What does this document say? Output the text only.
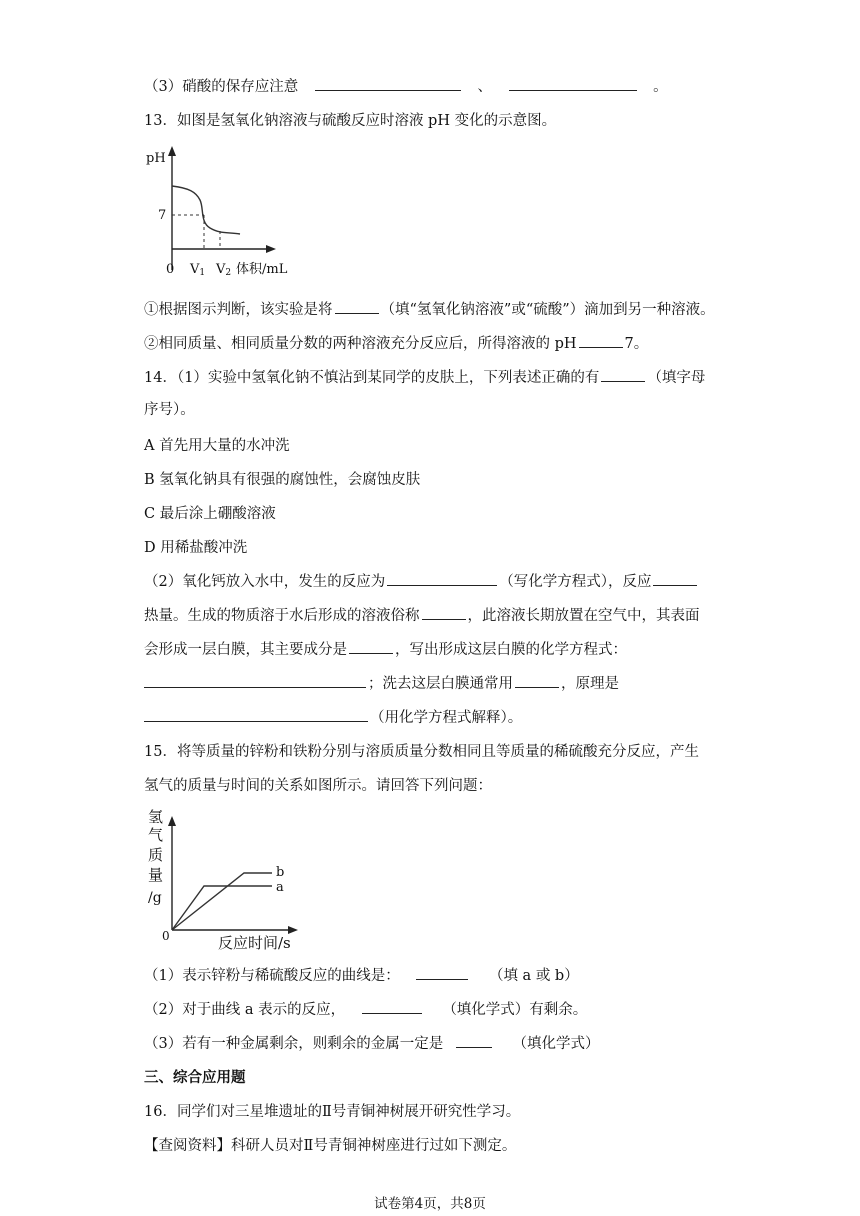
（3）硝酸的保存应注意	、	。
13．如图是氢氧化钠溶液与硫酸反应时溶液 pH 变化的示意图。
pH
7
0 V1 V2 体积/mL
①根据图示判断，该实验是将	（填“氢氧化钠溶液”或“硫酸”）滴加到另一种溶液。
②相同质量、相同质量分数的两种溶液充分反应后，所得溶液的 pH	7。
14．（1）实验中氢氧化钠不慎沾到某同学的皮肤上，下列表述正确的有	（填字母
序号）。
A 首先用大量的水冲洗
B 氢氧化钠具有很强的腐蚀性，会腐蚀皮肤
C 最后涂上硼酸溶液
D 用稀盐酸冲洗
（2）氧化钙放入水中，发生的反应为	（写化学方程式），反应
热量。生成的物质溶于水后形成的溶液俗称	，此溶液长期放置在空气中，其表面
会形成一层白膜，其主要成分是	，写出形成这层白膜的化学方程式：
；洗去这层白膜通常用	，原理是
（用化学方程式解释）。
15．将等质量的锌粉和铁粉分别与溶质质量分数相同且等质量的稀硫酸充分反应，产生
氢气的质量与时间的关系如图所示。请回答下列问题：
氢
气
质
量
/g
0	反应时间/s
b
a
（1）表示锌粉与稀硫酸反应的曲线是：	（填 a 或 b）
（2）对于曲线 a 表示的反应，	（填化学式）有剩余。
（3）若有一种金属剩余，则剩余的金属一定是	（填化学式）
三、综合应用题
16．同学们对三星堆遗址的Ⅱ号青铜神树展开研究性学习。
【查阅资料】科研人员对Ⅱ号青铜神树座进行过如下测定。
试卷第4页，共8页
